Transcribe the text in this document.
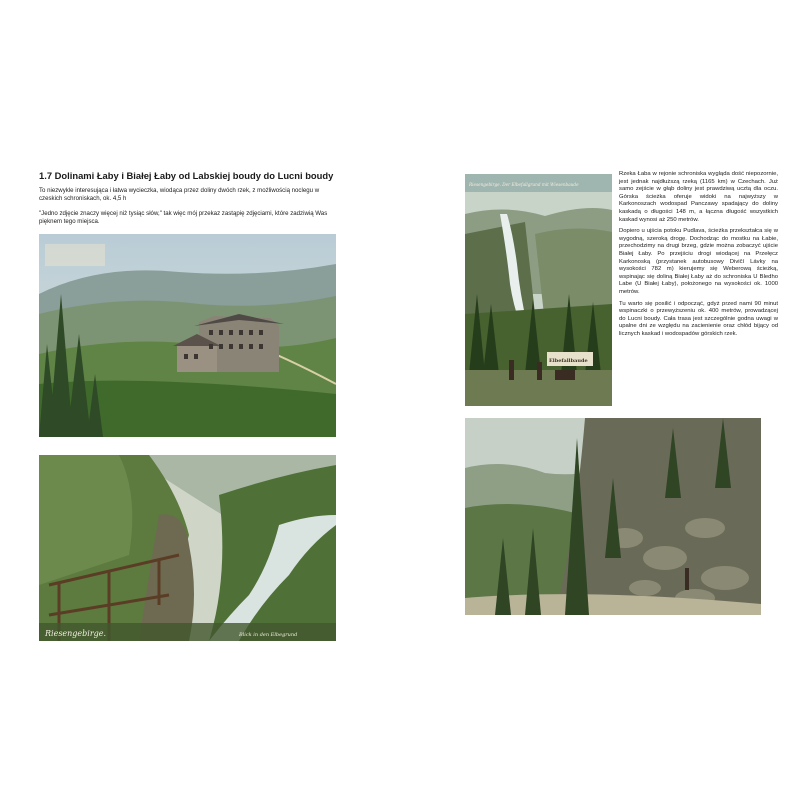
1.7 Dolinami Łaby i Białej Łaby od Labskiej boudy do Lucni boudy

To niezwykle interesująca i łatwa wycieczka, wiodąca przez doliny dwóch rzek, z możliwością noclegu w czeskich schroniskach, ok. 4,5 h

"Jedno zdjęcie znaczy więcej niż tysiąc słów," tak więc mój przekaz zastąpię zdjęciami, które zadziwią Was pięknem tego miejsca.

Riesengebirge.	Blick in den Elbegrund
Riesengebirge. Der Elbefallgrund mit Wiesenbaude
Elbefallbaude

Rzeka Łaba w rejonie schroniska wygląda dość niepozornie, jest jednak najdłuższą rzeką (1165 km) w Czechach. Już samo zejście w głąb doliny jest prawdziwą ucztą dla oczu. Górska ścieżka oferuje widoki na najwyższy w Karkonoszach wodospad Panczawy spadający do doliny kaskadą o długości 148 m, a łączna długość wszystkich kaskad wynosi aż 250 metrów.

Dopiero u ujścia potoku Pudlava, ścieżka przekształca się w wygodną, szeroką drogę. Dochodząc do mostku na Łabie, przechodzimy na drugi brzeg, gdzie można zobaczyć ujście Białej Łaby. Po przejściu drogi wiodącej na Przełęcz Karkonoską (przystanek autobusowy Divičí Lávky na wysokości 782 m) kierujemy się Weberową ścieżką, wspinając się doliną Białej Łaby aż do schroniska U Bledho Labe (U Białej Łaby), położonego na wysokości ok. 1000 metrów.

Tu warto się posilić i odpocząć, gdyż przed nami 90 minut wspinaczki o przewyższeniu ok. 400 metrów, prowadzącej do Lucni boudy. Cała trasa jest szczególnie godna uwagi w upalne dni ze względu na zacienienie oraz chłód bijący od licznych kaskad i wodospadów górskich rzek.
